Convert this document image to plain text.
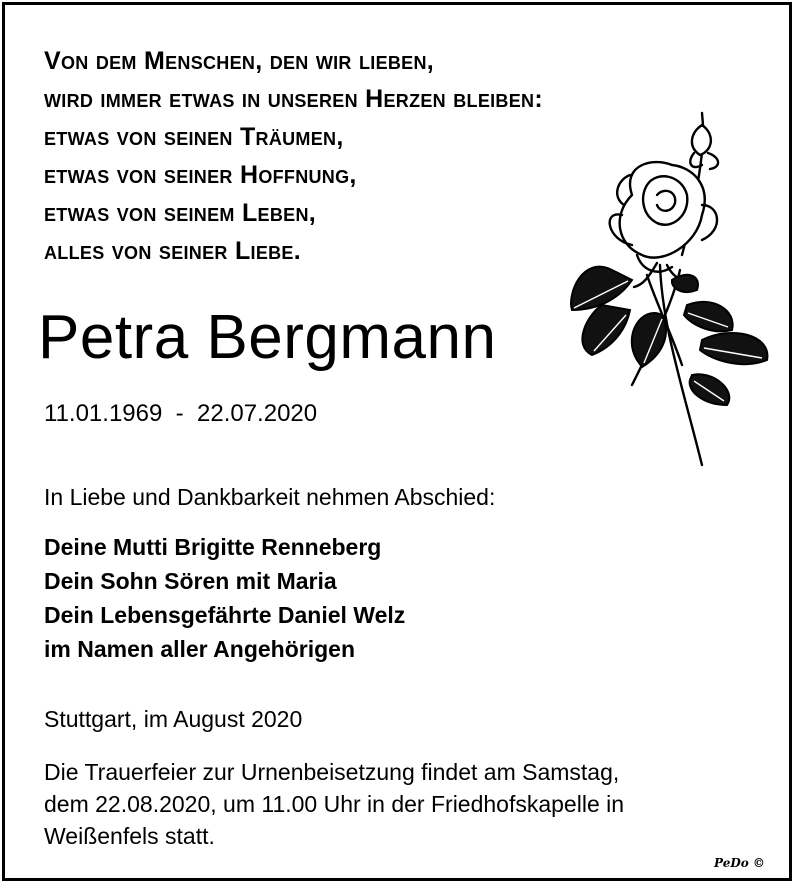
Von dem Menschen, den wir lieben,
wird immer etwas in unseren Herzen bleiben:
etwas von seinen Träumen,
etwas von seiner Hoffnung,
etwas von seinem Leben,
alles von seiner Liebe.
Petra Bergmann
11.01.1969  -  22.07.2020
In Liebe und Dankbarkeit nehmen Abschied:
Deine Mutti Brigitte Renneberg
Dein Sohn Sören mit Maria
Dein Lebensgefährte Daniel Welz
im Namen aller Angehörigen
Stuttgart, im August 2020
Die Trauerfeier zur Urnenbeisetzung findet am Samstag,
dem 22.08.2020, um 11.00 Uhr in der Friedhofskapelle in
Weißenfels statt.
PeDo ©
